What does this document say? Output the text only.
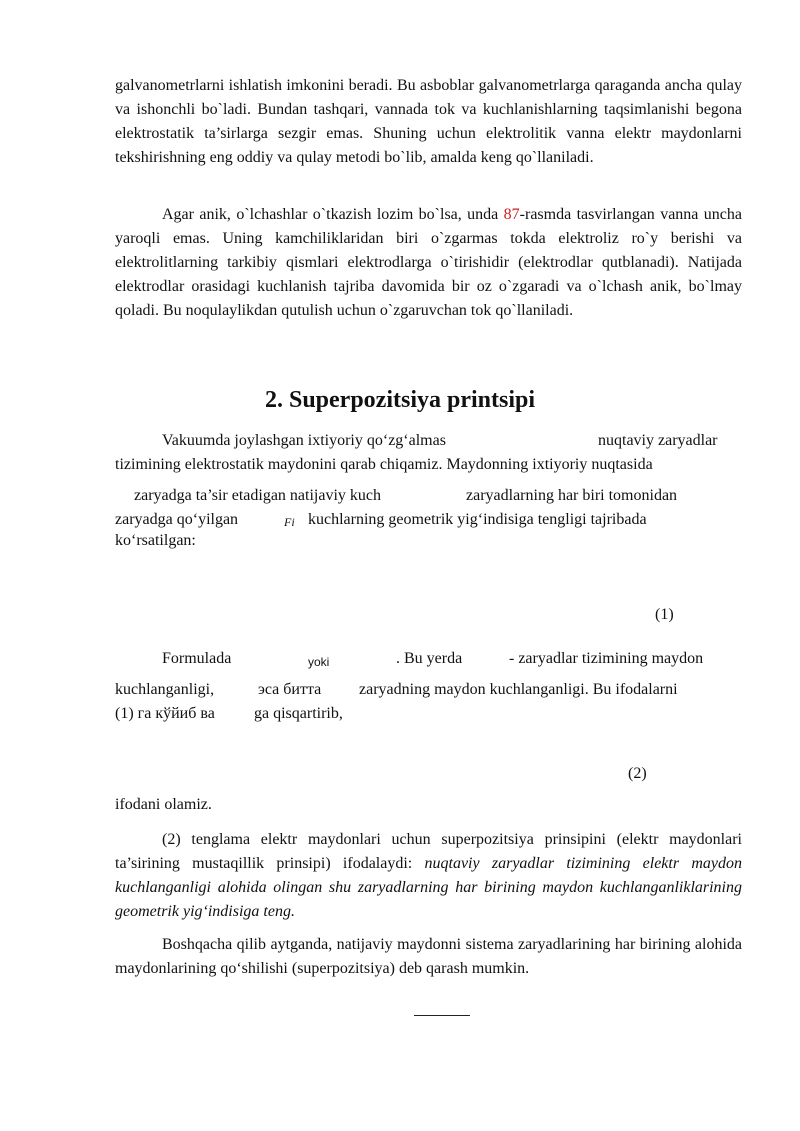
galvanometrlarni ishlatish imkonini beradi. Bu asboblar galvanometrlarga qaraganda ancha qulay va ishonchli bo`ladi. Bundan tashqari, vannada tok va kuchlanishlarning taqsimlanishi begona elektrostatik ta’sirlarga sezgir emas. Shuning uchun elektrolitik vanna elektr maydonlarni tekshirishning eng oddiy va qulay metodi bo`lib, amalda keng qo`llaniladi.

Agar anik, o`lchashlar o`tkazish lozim bo`lsa, unda 87-rasmda tasvirlangan vanna uncha yaroqli emas. Uning kamchiliklaridan biri o`zgarmas tokda elektroliz ro`y berishi va elektrolitlarning tarkibiy qismlari elektrodlarga o`tirishidir (elektrodlar qutblanadi). Natijada elektrodlar orasidagi kuchlanish tajriba davomida bir oz o`zgaradi va o`lchash anik, bo`lmay qoladi. Bu noqulaylikdan qutulish uchun o`zgaruvchan tok qo`llaniladi.

2. Superpozitsiya printsipi

Vakuumda joylashgan ixtiyoriy qo‘zg‘almas	nuqtaviy zaryadlar

tizimining elektrostatik maydonini qarab chiqamiz. Maydonning ixtiyoriy nuqtasida

zaryadga ta’sir etadigan natijaviy kuch	zaryadlarning har biri tomonidan

zaryadga qo‘yilgan	Fi kuchlarning geometrik yig‘indisiga tengligi tajribada

ko‘rsatilgan:

(1)

Formulada	yoki	. Bu yerda	- zaryadlar tizimining maydon

kuchlanganligi,	эса битта zaryadning maydon kuchlanganligi. Bu ifodalarni

(1) га кўйиб ва ga qisqartirib,

(2)

ifodani olamiz.

(2) tenglama elektr maydonlari uchun superpozitsiya prinsipini (elektr maydonlari ta’sirining mustaqillik prinsipi) ifodalaydi: nuqtaviy zaryadlar tizimining elektr maydon kuchlanganligi alohida olingan shu zaryadlarning har birining maydon kuchlanganliklarining geometrik yig‘indisiga teng.

Boshqacha qilib aytganda, natijaviy maydonni sistema zaryadlarining har birining alohida maydonlarining qo‘shilishi (superpozitsiya) deb qarash mumkin.
